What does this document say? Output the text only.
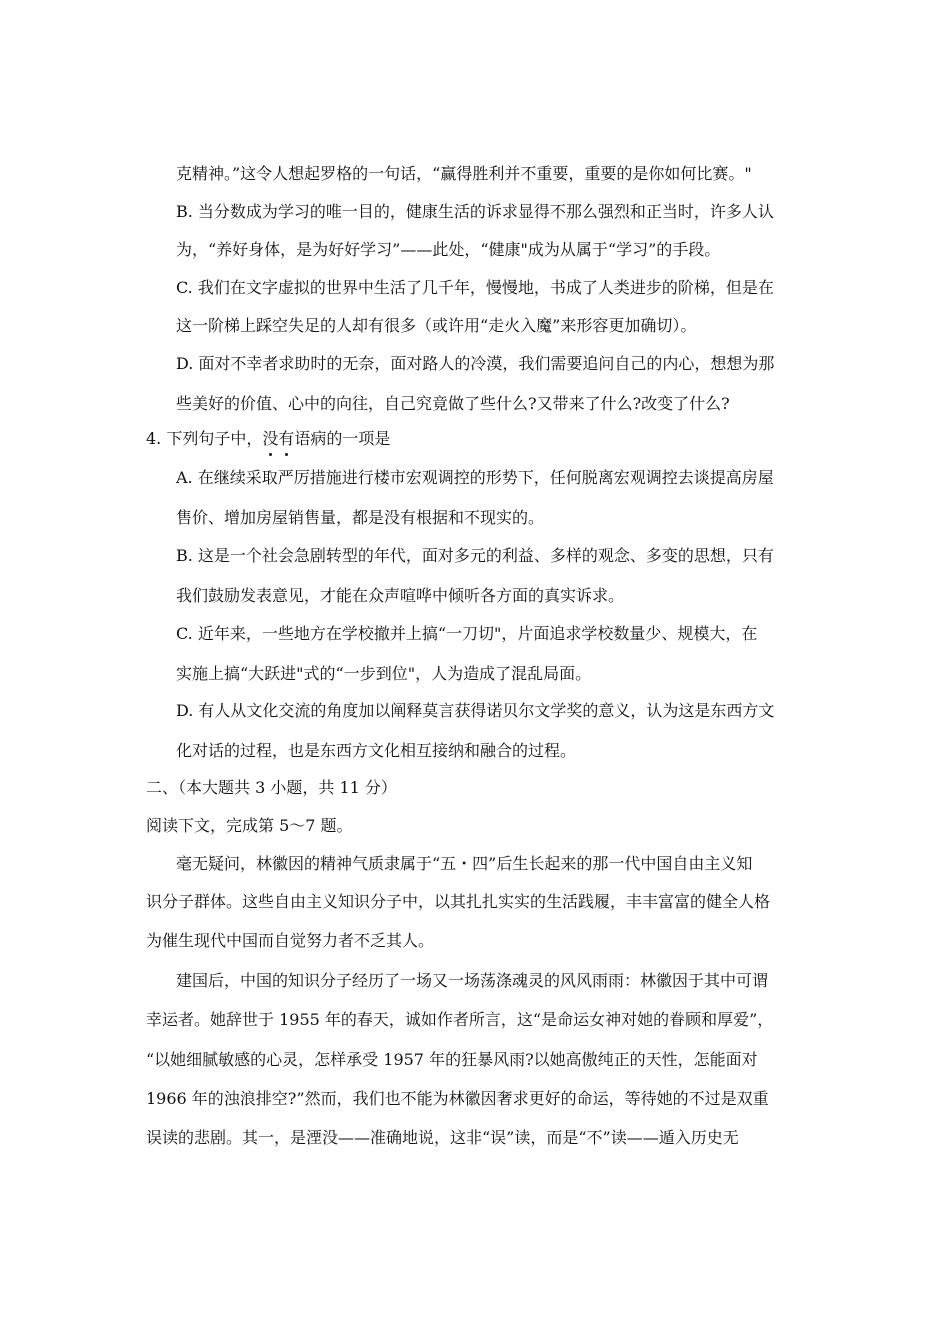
克精神。”这令人想起罗格的一句话，“赢得胜利并不重要，重要的是你如何比赛。"
B. 当分数成为学习的唯一目的，健康生活的诉求显得不那么强烈和正当时，许多人认
为，“养好身体，是为好好学习”——此处，“健康"成为从属于“学习”的手段。
C. 我们在文字虚拟的世界中生活了几千年，慢慢地，书成了人类进步的阶梯，但是在
这一阶梯上踩空失足的人却有很多（或许用“走火入魔”来形容更加确切）。
D. 面对不幸者求助时的无奈，面对路人的冷漠，我们需要追问自己的内心，想想为那
些美好的价值、心中的向往，自己究竟做了些什么?又带来了什么?改变了什么?
4. 下列句子中，没有语病的一项是
A. 在继续采取严厉措施进行楼市宏观调控的形势下，任何脱离宏观调控去谈提高房屋
售价、增加房屋销售量，都是没有根据和不现实的。
B. 这是一个社会急剧转型的年代，面对多元的利益、多样的观念、多变的思想，只有
我们鼓励发表意见，才能在众声喧哗中倾听各方面的真实诉求。
C. 近年来，一些地方在学校撤并上搞“一刀切"，片面追求学校数量少、规模大，在
实施上搞“大跃进"式的“一步到位"，人为造成了混乱局面。
D. 有人从文化交流的角度加以阐释莫言获得诺贝尔文学奖的意义，认为这是东西方文
化对话的过程，也是东西方文化相互接纳和融合的过程。
二、（本大题共 3 小题，共 11 分）
阅读下文，完成第 5～7 题。
毫无疑问，林徽因的精神气质隶属于“五・四”后生长起来的那一代中国自由主义知
识分子群体。这些自由主义知识分子中，以其扎扎实实的生活践履，丰丰富富的健全人格
为催生现代中国而自觉努力者不乏其人。
建国后，中国的知识分子经历了一场又一场荡涤魂灵的风风雨雨：林徽因于其中可谓
幸运者。她辞世于 1955 年的春天，诚如作者所言，这“是命运女神对她的眷顾和厚爱”，
“以她细腻敏感的心灵，怎样承受 1957 年的狂暴风雨?以她高傲纯正的天性，怎能面对
1966 年的浊浪排空?”然而，我们也不能为林徽因奢求更好的命运，等待她的不过是双重
误读的悲剧。其一，是湮没——准确地说，这非“误”读，而是“不”读——遁入历史无
